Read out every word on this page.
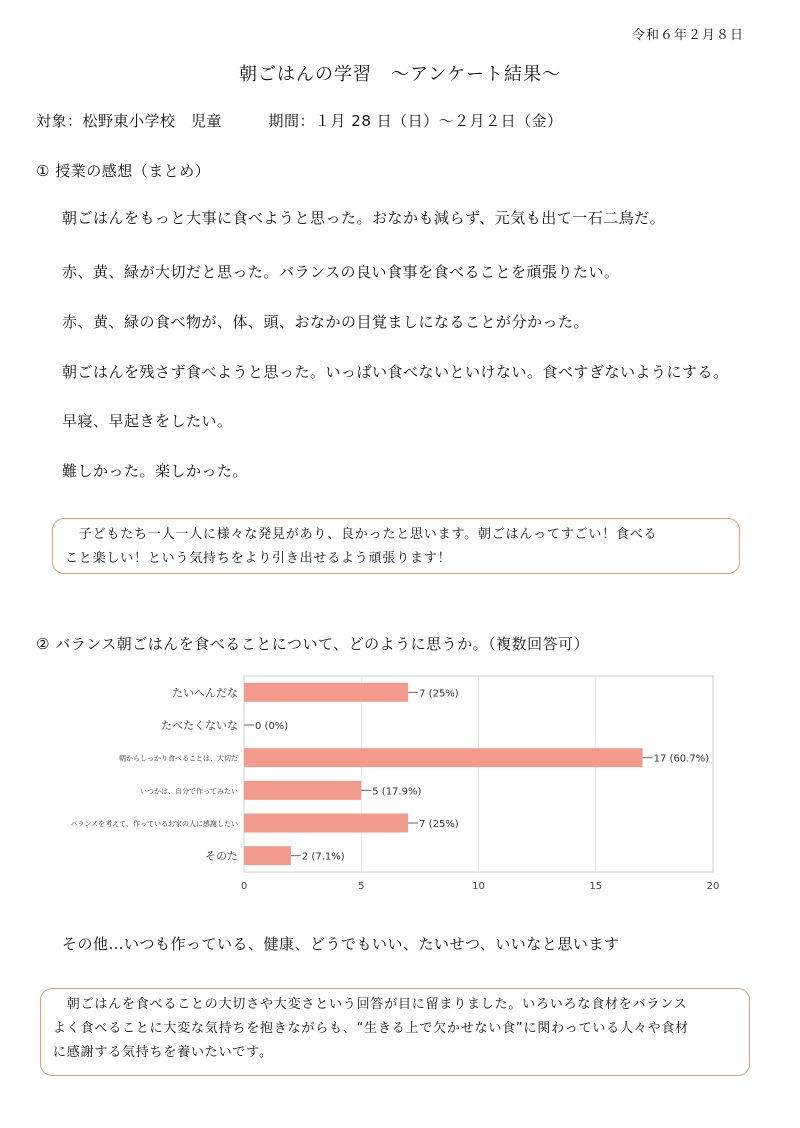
令和６年２月８日
朝ごはんの学習　～アンケート結果～
対象：松野東小学校　児童　　　期間：１月 28 日（日）～２月２日（金）
① 授業の感想（まとめ）
朝ごはんをもっと大事に食べようと思った。おなかも減らず、元気も出て一石二鳥だ。
赤、黄、緑が大切だと思った。バランスの良い食事を食べることを頑張りたい。
赤、黄、緑の食べ物が、体、頭、おなかの目覚ましになることが分かった。
朝ごはんを残さず食べようと思った。いっぱい食べないといけない。食べすぎないようにする。
早寝、早起きをしたい。
難しかった。楽しかった。
　子どもたち一人一人に様々な発見があり、良かったと思います。朝ごはんってすごい！食べる
こと楽しい！という気持ちをより引き出せるよう頑張ります！
② バランス朝ごはんを食べることについて、どのように思うか。（複数回答可）
0	5	10	15	20
たいへんだな	7 (25%)
たべたくないな 0 (0%)
朝からしっかり食べることは、大切だ	17 (60.7%)
いつかは、自分で作ってみたい	5 (17.9%)
バランスを考えて、作っているお家の人に感謝したい	7 (25%)
そのた	2 (7.1%)
その他…いつも作っている、健康、どうでもいい、たいせつ、いいなと思います
　朝ごはんを食べることの大切さや大変さという回答が目に留まりました。いろいろな食材をバランス
よく食べることに大変な気持ちを抱きながらも、“生きる上で欠かせない食”に関わっている人々や食材
に感謝する気持ちを養いたいです。
